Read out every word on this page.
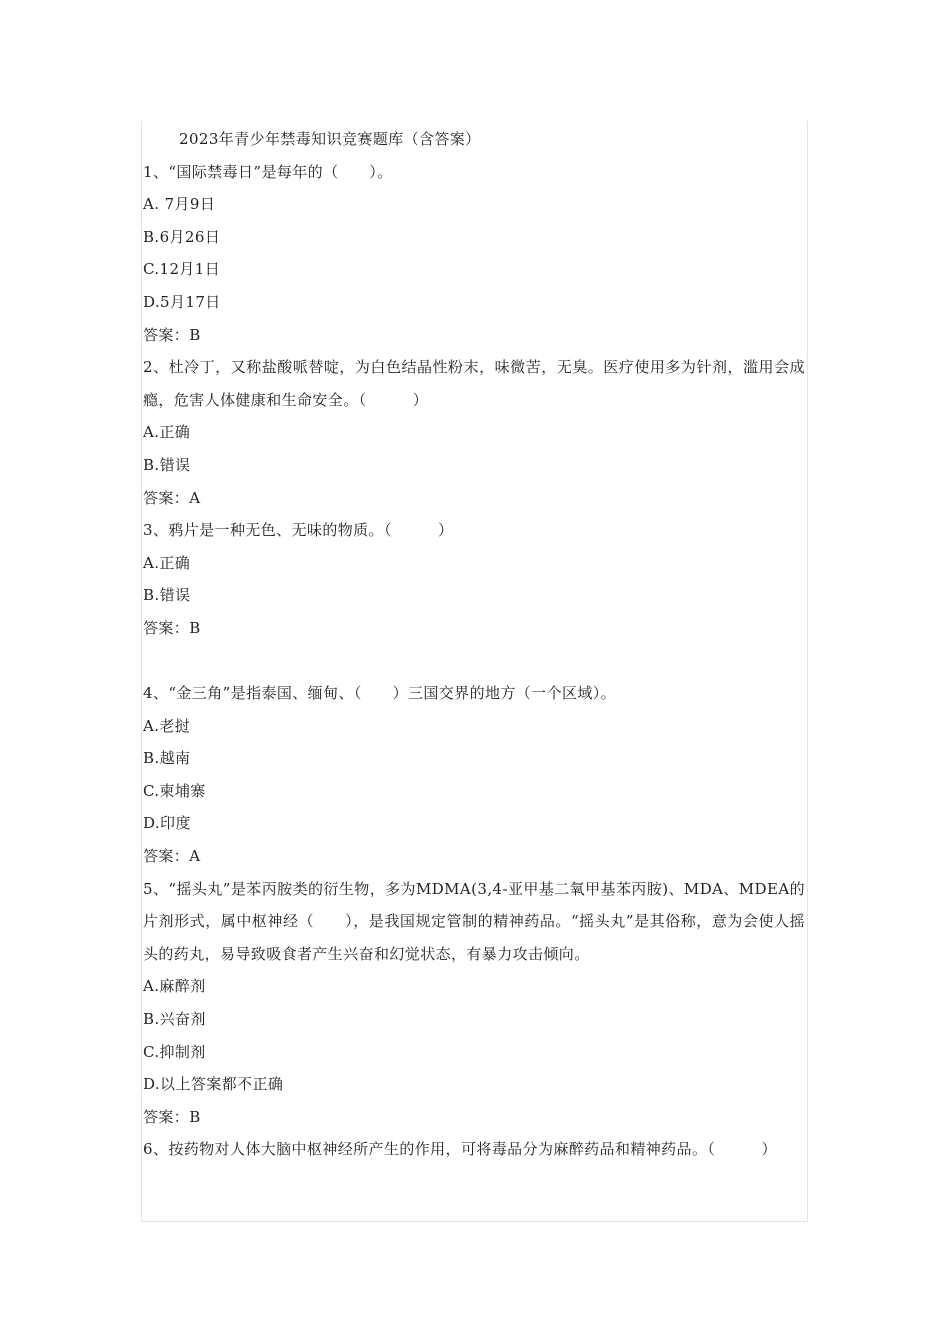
2023年青少年禁毒知识竞赛题库（含答案）
1、“国际禁毒日”是每年的（　　）。
A. 7月9日
B.6月26日
C.12月1日
D.5月17日
答案：B
2、杜冷丁，又称盐酸哌替啶，为白色结晶性粉末，味微苦，无臭。医疗使用多为针剂，滥用会成瘾，危害人体健康和生命安全。（　　　）
A.正确
B.错误
答案：A
3、鸦片是一种无色、无味的物质。（　　　）
A.正确
B.错误
答案：B
4、“金三角”是指泰国、缅甸、（　　）三国交界的地方（一个区域）。
A.老挝
B.越南
C.柬埔寨
D.印度
答案：A
5、“摇头丸”是苯丙胺类的衍生物，多为MDMA(3,4-亚甲基二氧甲基苯丙胺)、MDA、MDEA的片剂形式，属中枢神经（　　），是我国规定管制的精神药品。“摇头丸”是其俗称，意为会使人摇头的药丸，易导致吸食者产生兴奋和幻觉状态，有暴力攻击倾向。
A.麻醉剂
B.兴奋剂
C.抑制剂
D.以上答案都不正确
答案：B
6、按药物对人体大脑中枢神经所产生的作用，可将毒品分为麻醉药品和精神药品。（　　　）
